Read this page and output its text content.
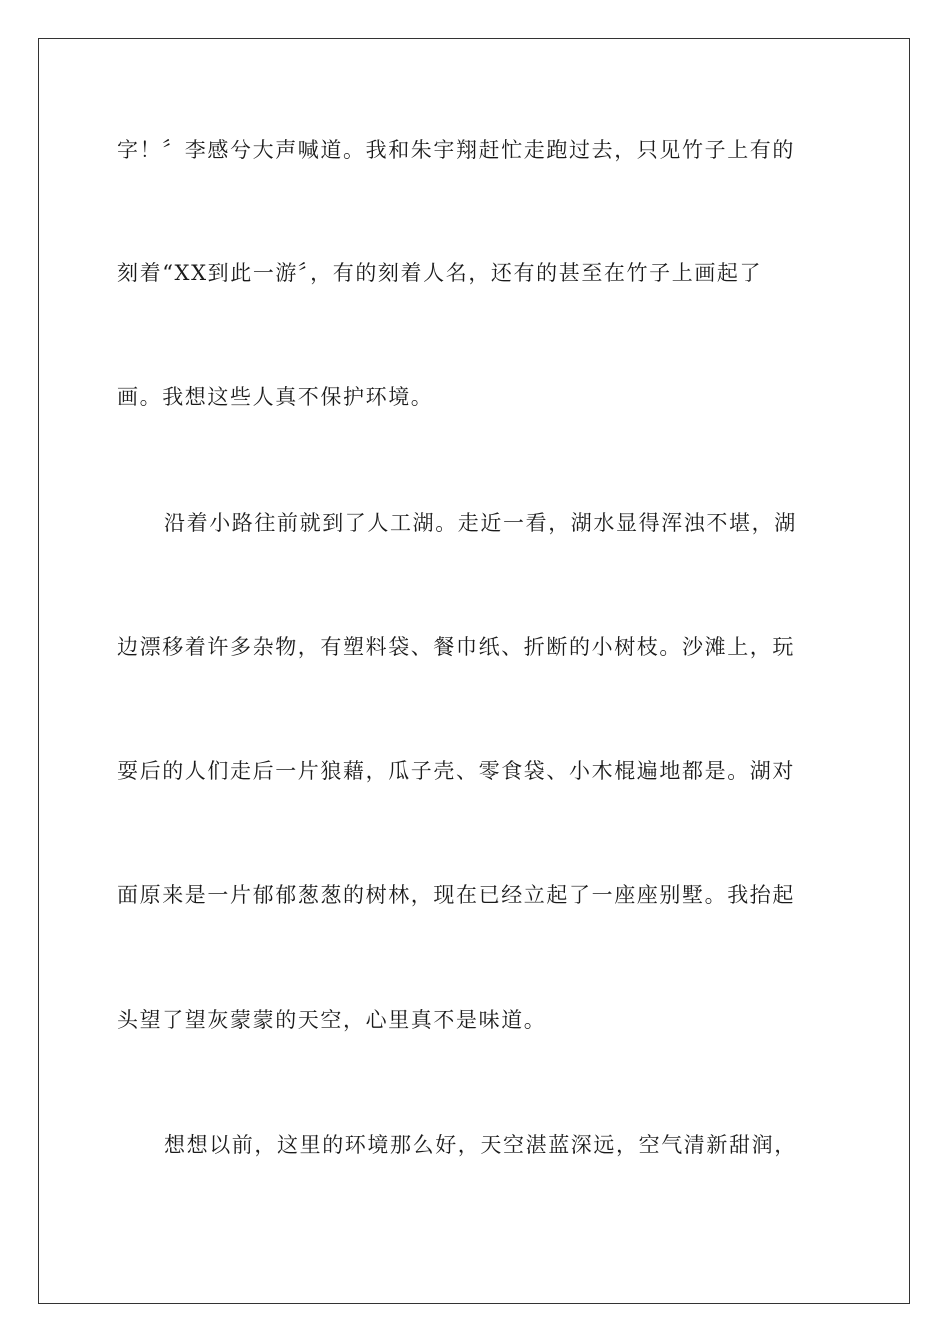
字！〞李感兮大声喊道。我和朱宇翔赶忙走跑过去，只见竹子上有的
刻着“XX到此一游〞，有的刻着人名，还有的甚至在竹子上画起了
画。我想这些人真不保护环境。
沿着小路往前就到了人工湖。走近一看，湖水显得浑浊不堪，湖
边漂移着许多杂物，有塑料袋、餐巾纸、折断的小树枝。沙滩上，玩
耍后的人们走后一片狼藉，瓜子壳、零食袋、小木棍遍地都是。湖对
面原来是一片郁郁葱葱的树林，现在已经立起了一座座别墅。我抬起
头望了望灰蒙蒙的天空，心里真不是味道。
想想以前，这里的环境那么好，天空湛蓝深远，空气清新甜润，
